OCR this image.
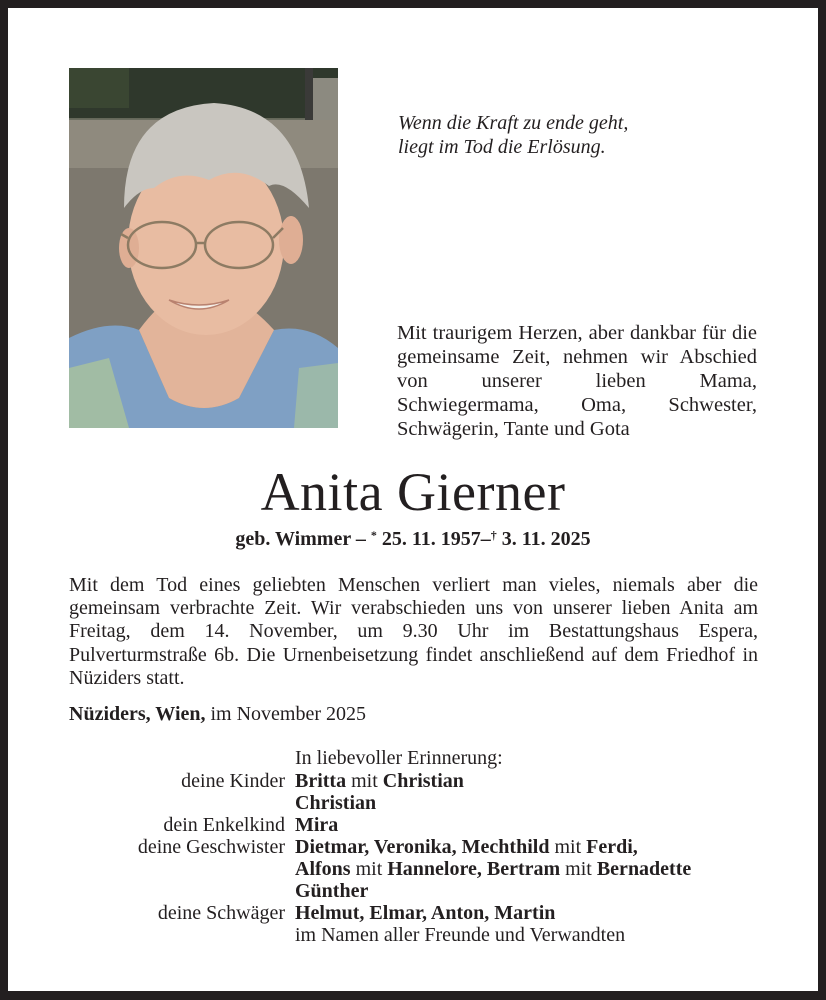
Wenn die Kraft zu ende geht,
liegt im Tod die Erlösung.
Mit traurigem Herzen, aber dankbar für die gemeinsame Zeit, nehmen wir Abschied von unserer lieben Mama, Schwiegermama, Oma, Schwester, Schwägerin, Tante und Gota
Anita Gierner
geb. Wimmer – * 25. 11. 1957–† 3. 11. 2025
Mit dem Tod eines geliebten Menschen verliert man vieles, niemals aber die gemeinsam verbrachte Zeit. Wir verabschieden uns von unserer lieben Anita am Freitag, dem 14. November, um 9.30 Uhr im Bestattungshaus Espera, Pulverturmstraße 6b. Die Urnenbeisetzung findet anschließend auf dem Friedhof in Nüziders statt.
Nüziders, Wien, im November 2025
In liebevoller Erinnerung:
deine Kinder Britta mit Christian
Christian
dein Enkelkind Mira
deine Geschwister Dietmar, Veronika, Mechthild mit Ferdi,
Alfons mit Hannelore, Bertram mit Bernadette
Günther
deine Schwäger Helmut, Elmar, Anton, Martin
im Namen aller Freunde und Verwandten
